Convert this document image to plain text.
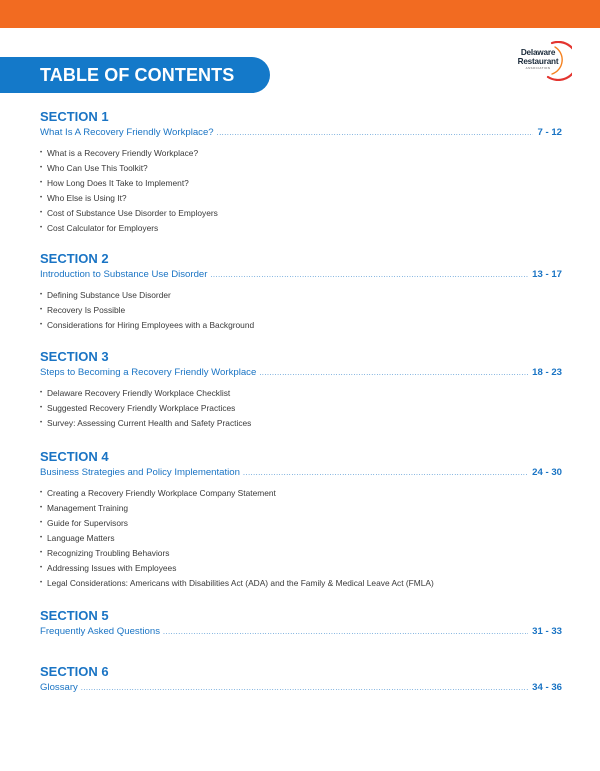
Delaware
Restaurant
ASSOCIATION
TABLE OF CONTENTS
SECTION 1
What Is A Recovery Friendly Workplace? .....	7 - 12
• What is a Recovery Friendly Workplace?
• Who Can Use This Toolkit?
• How Long Does It Take to Implement?
• Who Else is Using It?
• Cost of Substance Use Disorder to Employers
• Cost Calculator for Employers
SECTION 2
Introduction to Substance Use Disorder .....	13 - 17
• Defining Substance Use Disorder
• Recovery Is Possible
• Considerations for Hiring Employees with a Background
SECTION 3
Steps to Becoming a Recovery Friendly Workplace .....	18 - 23
• Delaware Recovery Friendly Workplace Checklist
• Suggested Recovery Friendly Workplace Practices
• Survey: Assessing Current Health and Safety Practices
SECTION 4
Business Strategies and Policy Implementation .....	24 - 30
• Creating a Recovery Friendly Workplace Company Statement
• Management Training
• Guide for Supervisors
• Language Matters
• Recognizing Troubling Behaviors
• Addressing Issues with Employees
• Legal Considerations: Americans with Disabilities Act (ADA) and the Family & Medical Leave Act (FMLA)
SECTION 5
Frequently Asked Questions .....	31 - 33
SECTION 6
Glossary .....	34 - 36
